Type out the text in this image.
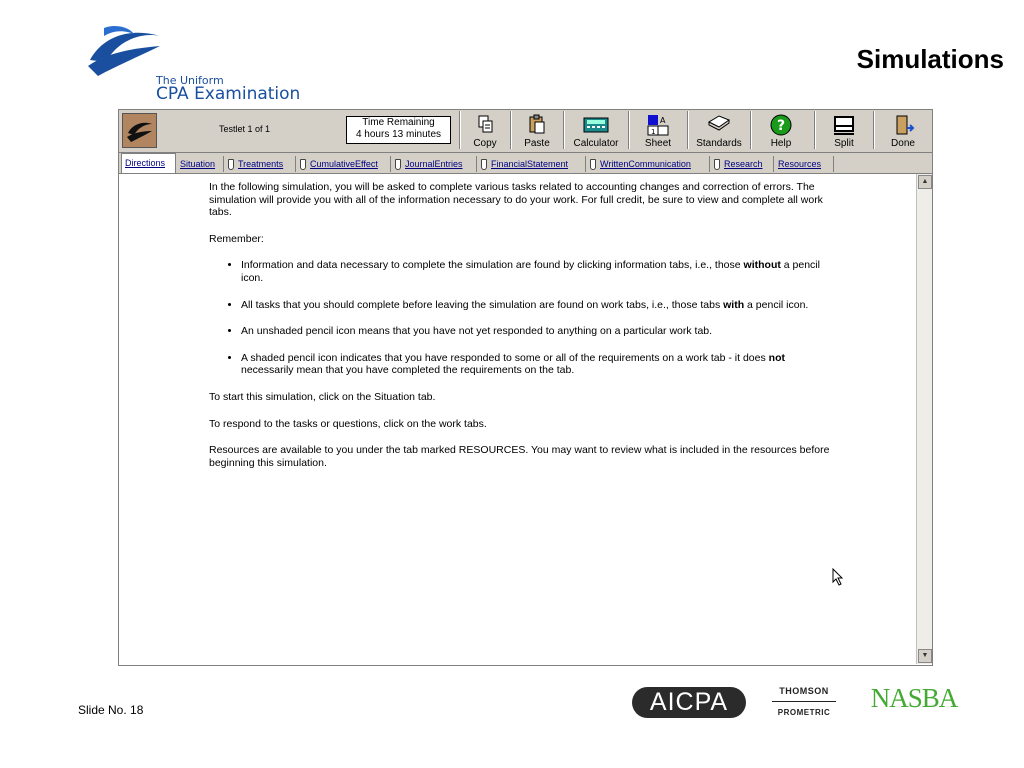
The Uniform
CPA Examination
Simulations
Testlet 1 of 1
Time Remaining
4 hours 13 minutes
Copy	Paste	Calculator
A
1
Sheet	Standards
?
Help	Split	Done
Directions	Situation	Treatments	CumulativeEffect	JournalEntries	FinancialStatement	WrittenCommunication	Research	Resources

In the following simulation, you will be asked to complete various tasks related to accounting changes and correction of errors. The simulation will provide you with all of the information necessary to do your work. For full credit, be sure to view and complete all work tabs.

Remember:

• Information and data necessary to complete the simulation are found by clicking information tabs, i.e., those without a pencil icon.
• All tasks that you should complete before leaving the simulation are found on work tabs, i.e., those tabs with a pencil icon.
• An unshaded pencil icon means that you have not yet responded to anything on a particular work tab.
• A shaded pencil icon indicates that you have responded to some or all of the requirements on a work tab - it does not necessarily mean that you have completed the requirements on the tab.

To start this simulation, click on the Situation tab.

To respond to the tasks or questions, click on the work tabs.

Resources are available to you under the tab marked RESOURCES. You may want to review what is included in the resources before beginning this simulation.

▲
▼
Slide No. 18	AICPA	THOMSON
PROMETRIC	NASBA
